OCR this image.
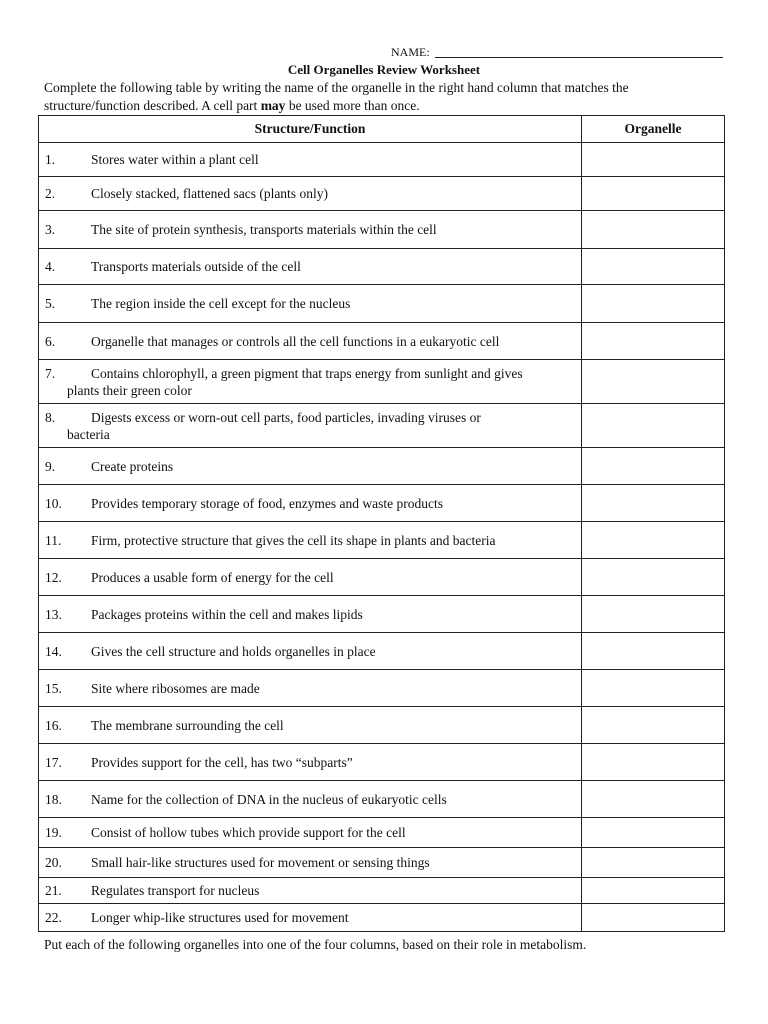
NAME:
Cell Organelles Review Worksheet
Complete the following table by writing the name of the organelle in the right hand column that matches the structure/function described. A cell part may be used more than once.
Structure/Function	Organelle

1. Stores water within a plant cell	

2. Closely stacked, flattened sacs (plants only)	

3. The site of protein synthesis, transports materials within the cell	

4. Transports materials outside of the cell	

5. The region inside the cell except for the nucleus	

6. Organelle that manages or controls all the cell functions in a eukaryotic cell	

7. Contains chlorophyll, a green pigment that traps energy from sunlight and gives
plants their green color	

8. Digests excess or worn-out cell parts, food particles, invading viruses or
bacteria	

9. Create proteins	

10. Provides temporary storage of food, enzymes and waste products	

11. Firm, protective structure that gives the cell its shape in plants and bacteria	

12. Produces a usable form of energy for the cell	

13. Packages proteins within the cell and makes lipids	

14. Gives the cell structure and holds organelles in place	

15. Site where ribosomes are made	

16. The membrane surrounding the cell	

17. Provides support for the cell, has two “subparts”	

18. Name for the collection of DNA in the nucleus of eukaryotic cells	

19. Consist of hollow tubes which provide support for the cell	

20. Small hair-like structures used for movement or sensing things	

21. Regulates transport for nucleus	

22. Longer whip-like structures used for movement	

Put each of the following organelles into one of the four columns, based on their role in metabolism.
